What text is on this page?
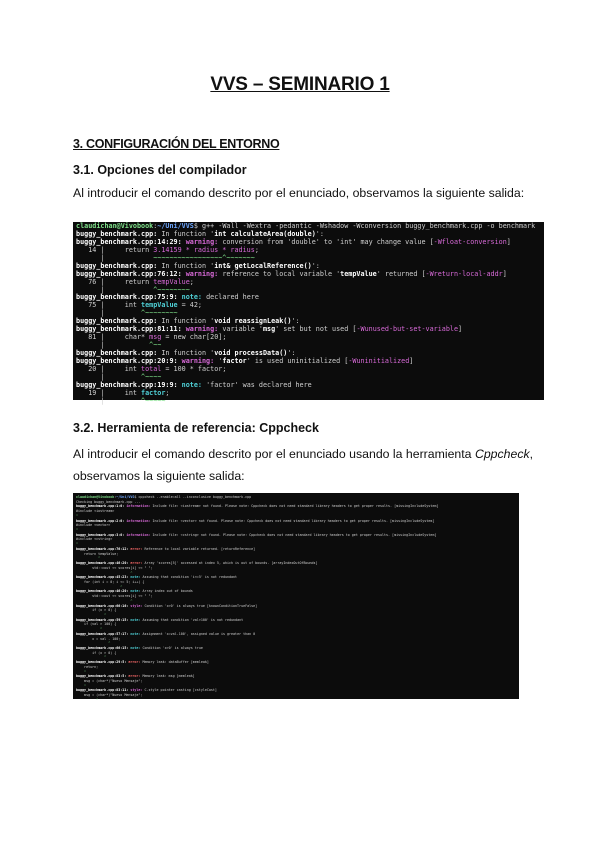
VVS – SEMINARIO 1
3. CONFIGURACIÓN DEL ENTORNO
3.1. Opciones del compilador

Al introducir el comando descrito por el enunciado, observamos la siguiente salida:

claudichan@Vivobook:~/Uni/VVS$ g++ -Wall -Wextra -pedantic -Wshadow -Wconversion buggy_benchmark.cpp -o benchmark
buggy_benchmark.cpp: In function 'int calculateArea(double)':
buggy_benchmark.cpp:14:29: warning: conversion from 'double' to 'int' may change value [-Wfloat-conversion]
14 |     return 3.14159 * radius * radius;
|            ~~~~~~~~~~~~~~~~~^~~~~~~~
buggy_benchmark.cpp: In function 'int& getLocalReference()':
buggy_benchmark.cpp:76:12: warning: reference to local variable 'tempValue' returned [-Wreturn-local-addr]
76 |     return tempValue;
|            ^~~~~~~~~
buggy_benchmark.cpp:75:9: note: declared here
75 |     int tempValue = 42;
|         ^~~~~~~~~
buggy_benchmark.cpp: In function 'void reassignLeak()':
buggy_benchmark.cpp:81:11: warning: variable 'msg' set but not used [-Wunused-but-set-variable]
81 |     char* msg = new char[20];
|           ^~~
buggy_benchmark.cpp: In function 'void processData()':
buggy_benchmark.cpp:20:9: warning: 'factor' is used uninitialized [-Wuninitialized]
20 |     int total = 100 * factor;
|         ^~~~~
buggy_benchmark.cpp:19:9: note: 'factor' was declared here
19 |     int factor;
|         ^~~~~~
3.2. Herramienta de referencia: Cppcheck

Al introducir el comando descrito por el enunciado usando la herramienta Cppcheck, observamos la siguiente salida:

claudichan@Vivobook:~/Uni/VVS$ cppcheck --enable=all --inconclusive buggy_benchmark.cpp
Checking buggy_benchmark.cpp ...
buggy_benchmark.cpp:1:0: information: Include file: <iostream> not found. Please note: Cppcheck does not need standard library headers to get proper results. [missingIncludeSystem]
#include <iostream>
^
buggy_benchmark.cpp:2:0: information: Include file: <vector> not found. Please note: Cppcheck does not need standard library headers to get proper results. [missingIncludeSystem]
#include <vector>
^
buggy_benchmark.cpp:3:0: information: Include file: <cstring> not found. Please note: Cppcheck does not need standard library headers to get proper results. [missingIncludeSystem]
#include <cstring>
^
buggy_benchmark.cpp:76:12: error: Reference to local variable returned. [returnReference]
return tempValue;
^
buggy_benchmark.cpp:46:20: error: Array 'scores[5]' accessed at index 5, which is out of bounds. [arrayIndexOutOfBounds]
std::cout << scores[i] << " ";
^
buggy_benchmark.cpp:45:23: note: Assuming that condition 'i<=5' is not redundant
for (int i = 0; i <= 5; i++) {
^
buggy_benchmark.cpp:46:20: note: Array index out of bounds
std::cout << scores[i] << " ";
^
buggy_benchmark.cpp:66:16: style: Condition 'x>0' is always true [knownConditionTrueFalse]
if (x > 0) {
^
buggy_benchmark.cpp:59:15: note: Assuming that condition 'val>100' is not redundant
if (val > 100) {
^
buggy_benchmark.cpp:57:17: note: Assignment 'x=val-100', assigned value is greater than 0
x = val - 100;
^
buggy_benchmark.cpp:66:15: note: Condition 'x>0' is always true
if (x > 0) {
^
buggy_benchmark.cpp:29:5: error: Memory leak: dataBuffer [memleak]
return;
^
buggy_benchmark.cpp:83:5: error: Memory leak: msg [memleak]
msg = (char*)"Nuevo Mensaje";
^
buggy_benchmark.cpp:83:11: style: C-style pointer casting [cstyleCast]
msg = (char*)"Nuevo Mensaje";
^
